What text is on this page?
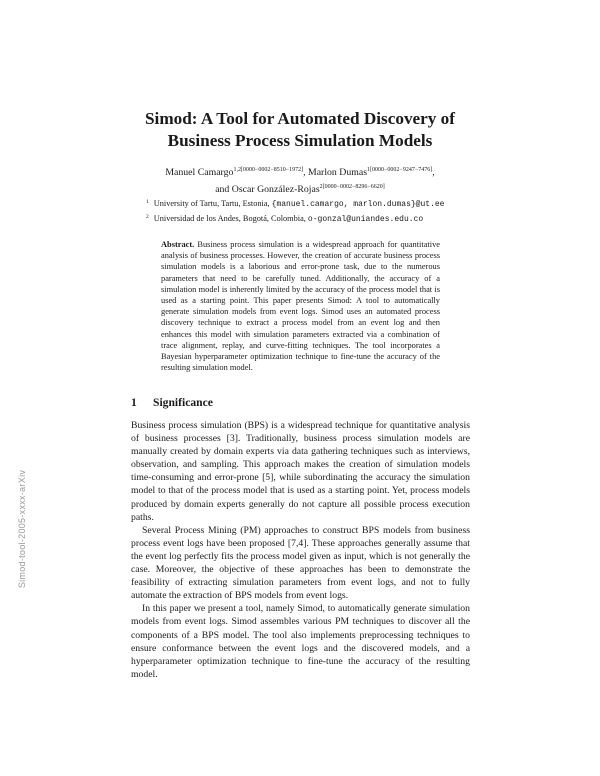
Simod: A Tool for Automated Discovery of
Business Process Simulation Models
Manuel Camargo$^{1,2[0000-0002-8510-1972]}$, Marlon Dumas$^{1[0000-0002-9247-7476]}$,
and Oscar González-Rojas$^{2[0000-0002-8296-6620]}$
$^1$ University of Tartu, Tartu, Estonia, {manuel.camargo, marlon.dumas}@ut.ee
$^2$ Universidad de los Andes, Bogotá, Colombia, o-gonzal@uniandes.edu.co
Abstract. Business process simulation is a widespread approach for quantitative analysis of business processes. However, the creation of accurate business process simulation models is a laborious and error-prone task, due to the numerous parameters that need to be carefully tuned. Additionally, the accuracy of a simulation model is inherently limited by the accuracy of the process model that is used as a starting point. This paper presents Simod: A tool to automatically generate simulation models from event logs. Simod uses an automated process discovery technique to extract a process model from an event log and then enhances this model with simulation parameters extracted via a combination of trace alignment, replay, and curve-fitting techniques. The tool incorporates a Bayesian hyperparameter optimization technique to fine-tune the accuracy of the resulting simulation model.
1 Significance

Business process simulation (BPS) is a widespread technique for quantitative analysis of business processes [3]. Traditionally, business process simulation models are manually created by domain experts via data gathering techniques such as interviews, observation, and sampling. This approach makes the creation of simulation models time-consuming and error-prone [5], while subordinating the accuracy the simulation model to that of the process model that is used as a starting point. Yet, process models produced by domain experts generally do not capture all possible process execution paths.

Several Process Mining (PM) approaches to construct BPS models from business process event logs have been proposed [7,4]. These approaches generally assume that the event log perfectly fits the process model given as input, which is not generally the case. Moreover, the objective of these approaches has been to demonstrate the feasibility of extracting simulation parameters from event logs, and not to fully automate the extraction of BPS models from event logs.

In this paper we present a tool, namely Simod, to automatically generate simulation models from event logs. Simod assembles various PM techniques to discover all the components of a BPS model. The tool also implements preprocessing techniques to ensure conformance between the event logs and the discovered models, and a hyperparameter optimization technique to fine-tune the accuracy of the resulting model.

Simod-tool-2005-xxxx-arXiv
